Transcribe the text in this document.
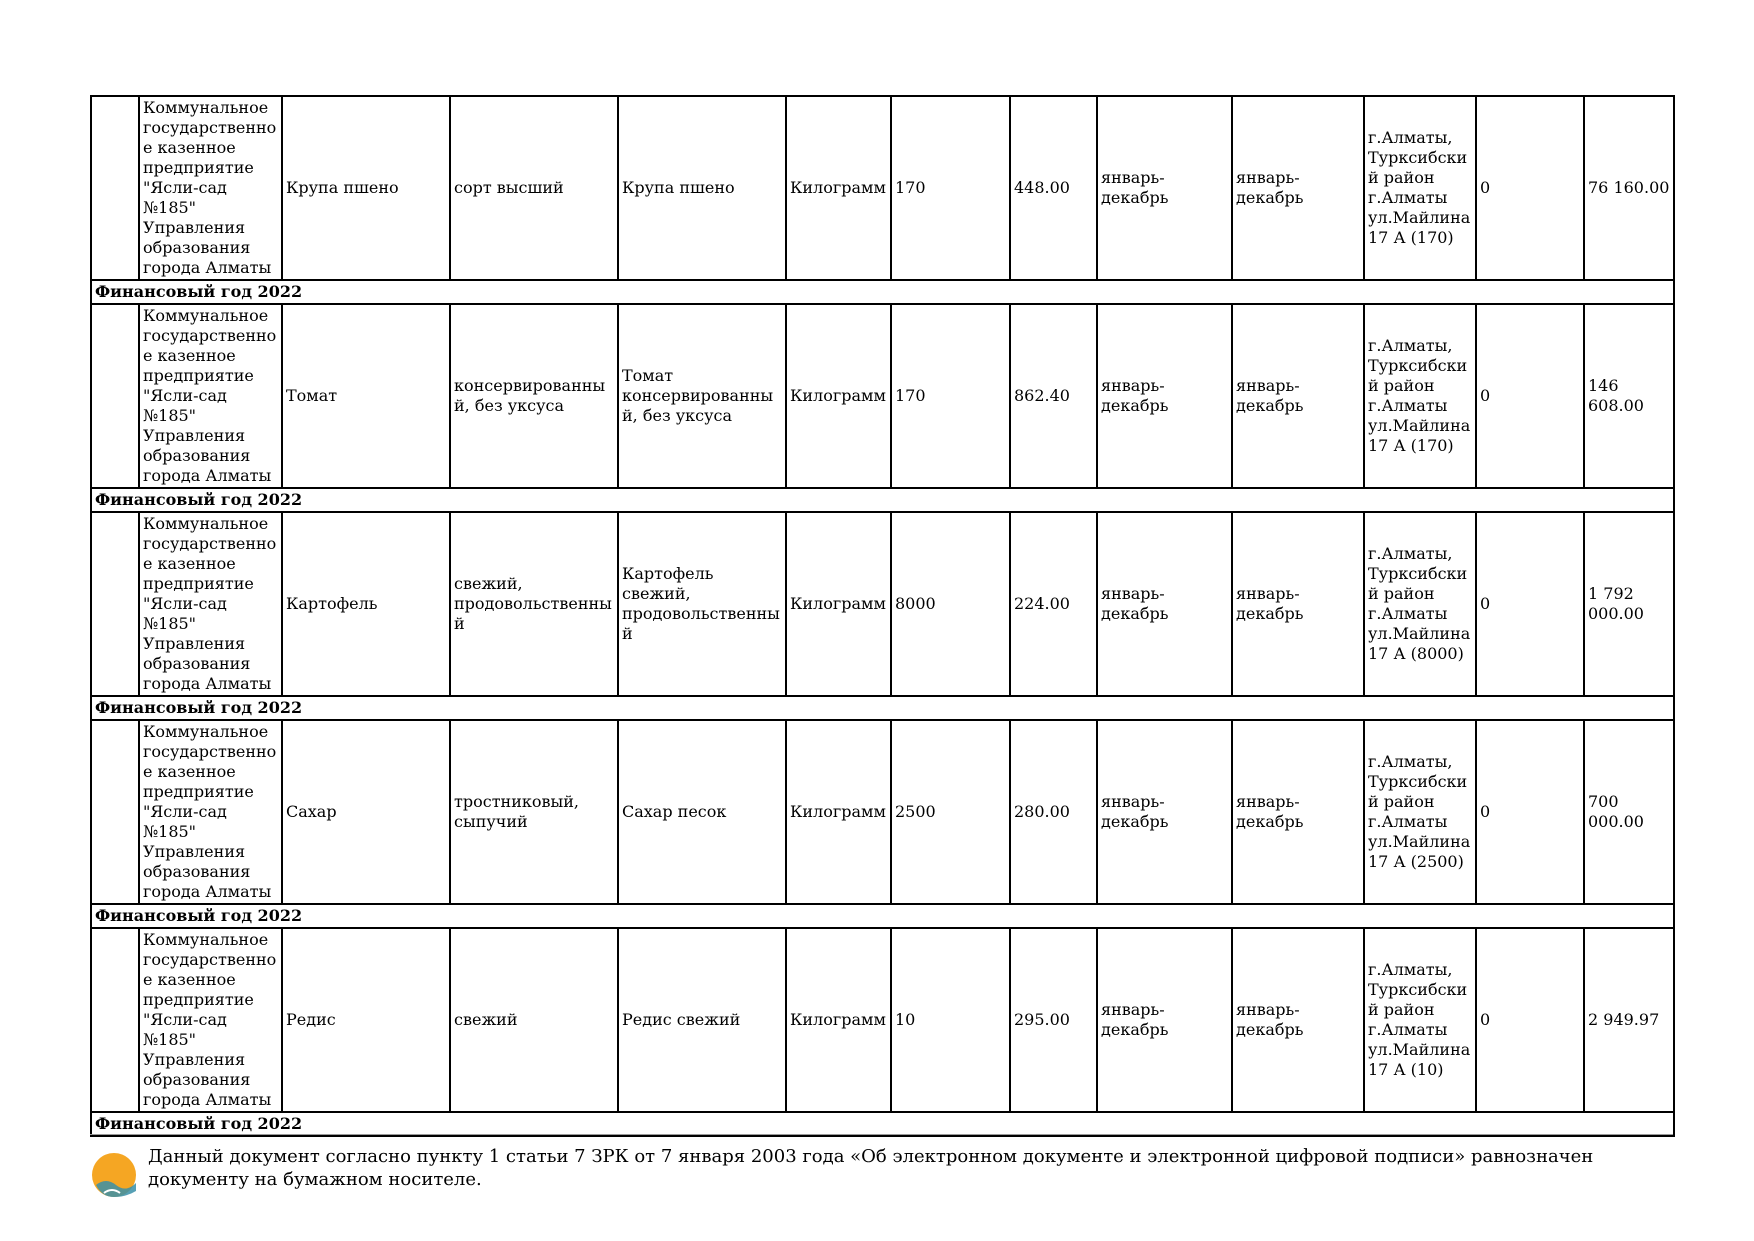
	Коммунальное государственное казенное предприятие "Ясли-сад №185" Управления образования города Алматы	Крупа пшено	сорт высший	Крупа пшено	Килограмм	170	448.00	январь-декабрь	январь-декабрь	г.Алматы, Турксибский район г.Алматы ул.Майлина 17 А (170)	0	76 160.00
Финансовый год 2022												
	Коммунальное государственное казенное предприятие "Ясли-сад №185" Управления образования города Алматы	Томат	консервированный, без уксуса	Томат консервированный, без уксуса	Килограмм	170	862.40	январь-декабрь	январь-декабрь	г.Алматы, Турксибский район г.Алматы ул.Майлина 17 А (170)	0	146 608.00
Финансовый год 2022												
	Коммунальное государственное казенное предприятие "Ясли-сад №185" Управления образования города Алматы	Картофель	свежий, продовольственный	Картофель свежий, продовольственный	Килограмм	8000	224.00	январь-декабрь	январь-декабрь	г.Алматы, Турксибский район г.Алматы ул.Майлина 17 А (8000)	0	1 792 000.00
Финансовый год 2022												
	Коммунальное государственное казенное предприятие "Ясли-сад №185" Управления образования города Алматы	Сахар	тростниковый, сыпучий	Сахар песок	Килограмм	2500	280.00	январь-декабрь	январь-декабрь	г.Алматы, Турксибский район г.Алматы ул.Майлина 17 А (2500)	0	700 000.00
Финансовый год 2022												
	Коммунальное государственное казенное предприятие "Ясли-сад №185" Управления образования города Алматы	Редис	свежий	Редис свежий	Килограмм	10	295.00	январь-декабрь	январь-декабрь	г.Алматы, Турксибский район г.Алматы ул.Майлина 17 А (10)	0	2 949.97
Финансовый год 2022												
Данный документ согласно пункту 1 статьи 7 ЗРК от 7 января 2003 года «Об электронном документе и электронной цифровой подписи» равнозначен документу на бумажном носителе.
